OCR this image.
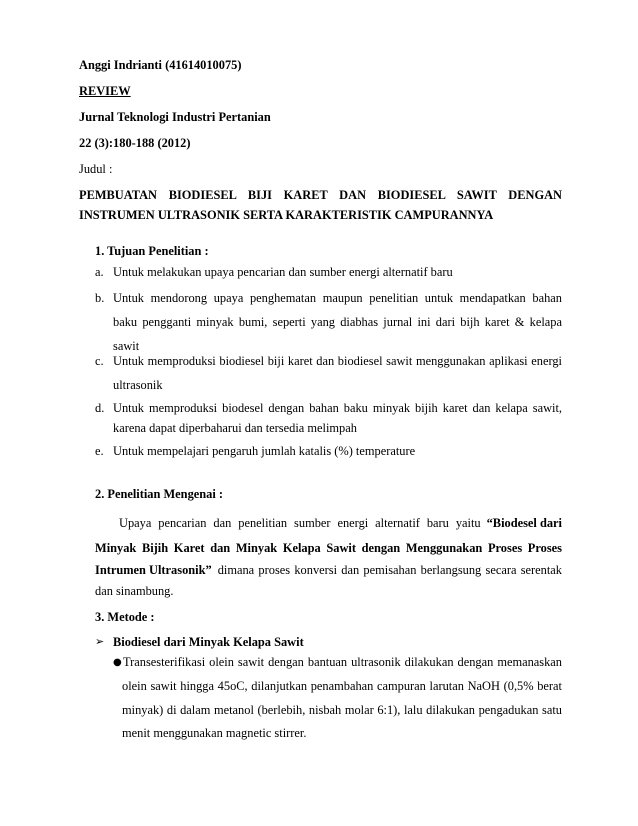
Anggi Indrianti (41614010075)
REVIEW
Jurnal Teknologi Industri Pertanian
22 (3):180-188 (2012)
Judul :
PEMBUATAN BIODIESEL BIJI KARET DAN BIODIESEL SAWIT DENGAN
INSTRUMEN ULTRASONIK SERTA KARAKTERISTIK CAMPURANNYA
1. Tujuan Penelitian :
a. Untuk melakukan upaya pencarian dan sumber energi alternatif baru
b. Untuk mendorong upaya penghematan maupun penelitian untuk mendapatkan bahan
baku pengganti minyak bumi, seperti yang diabhas jurnal ini dari bijh karet & kelapa
sawit
c. Untuk memproduksi biodiesel biji karet dan biodiesel sawit menggunakan aplikasi energi
ultrasonik
d. Untuk memproduksi biodesel dengan bahan baku minyak bijih karet dan kelapa sawit,
karena dapat diperbaharui dan tersedia melimpah
e. Untuk mempelajari pengaruh jumlah katalis (%) temperature
2. Penelitian Mengenai :
Upaya pencarian dan penelitian sumber energi alternatif baru yaitu “Biodesel dari
Minyak Bijih Karet dan Minyak Kelapa Sawit dengan Menggunakan Proses Proses
Intrumen Ultrasonik” dimana proses konversi dan pemisahan berlangsung secara serentak
dan sinambung.
3. Metode :
➢ Biodiesel dari Minyak Kelapa Sawit
● Transesterifikasi olein sawit dengan bantuan ultrasonik dilakukan dengan memanaskan
olein sawit hingga 45oC, dilanjutkan penambahan campuran larutan NaOH (0,5% berat
minyak) di dalam metanol (berlebih, nisbah molar 6:1), lalu dilakukan pengadukan satu
menit menggunakan magnetic stirrer.
